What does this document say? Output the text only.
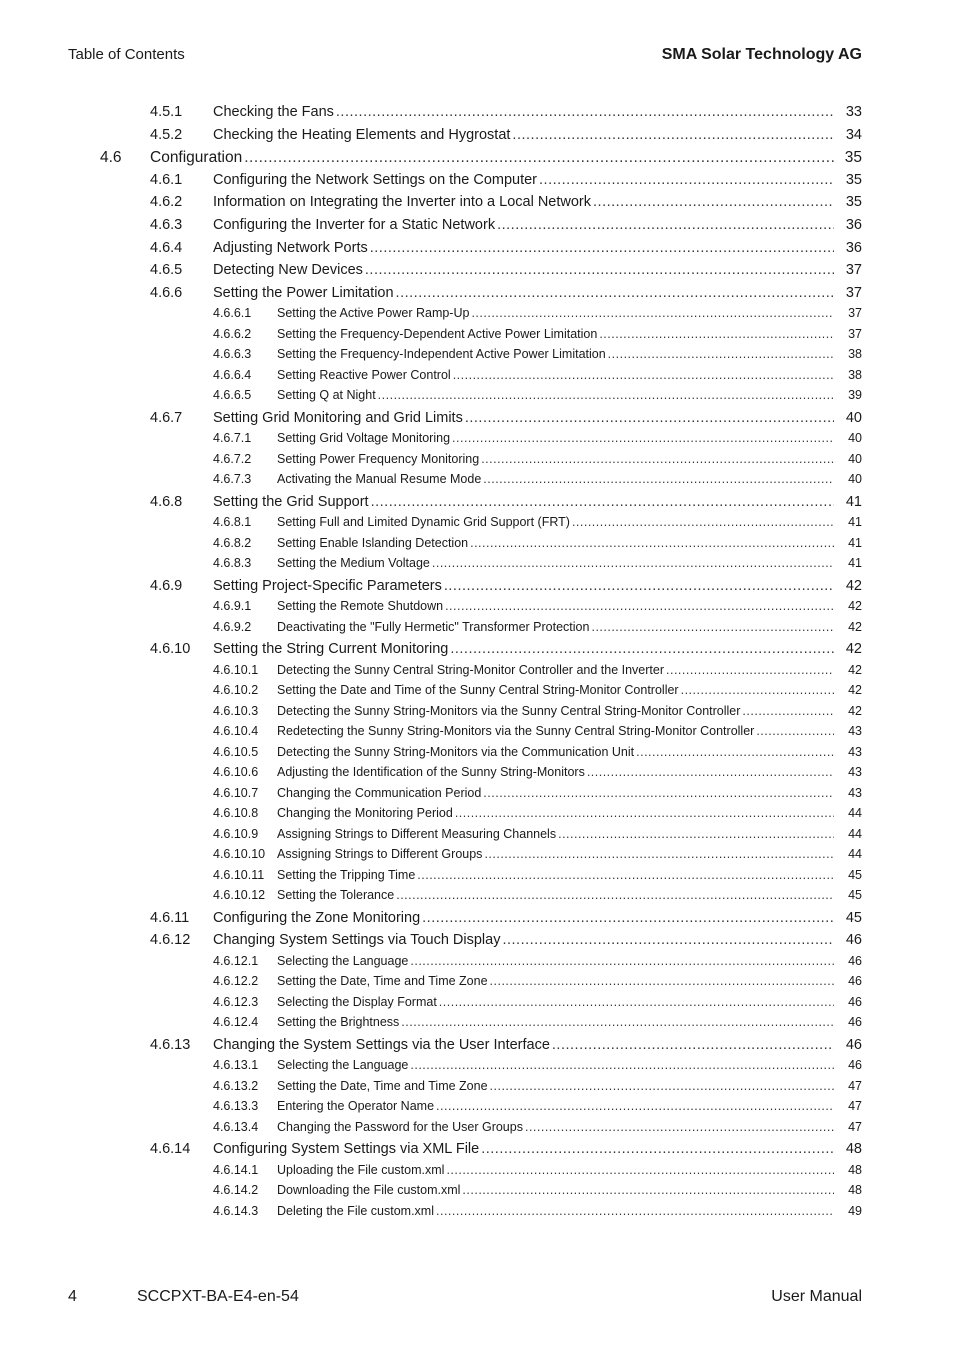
Table of Contents	SMA Solar Technology AG
4.5.1	Checking the Fans .....	33
4.5.2	Checking the Heating Elements and Hygrostat .....	34
4.6	Configuration .....	35
4.6.1	Configuring the Network Settings on the Computer .....	35
4.6.2	Information on Integrating the Inverter into a Local Network .....	35
4.6.3	Configuring the Inverter for a Static Network .....	36
4.6.4	Adjusting Network Ports .....	36
4.6.5	Detecting New Devices .....	37
4.6.6	Setting the Power Limitation .....	37
4.6.6.1	Setting the Active Power Ramp-Up .....	37
4.6.6.2	Setting the Frequency-Dependent Active Power Limitation .....	37
4.6.6.3	Setting the Frequency-Independent Active Power Limitation .....	38
4.6.6.4	Setting Reactive Power Control .....	38
4.6.6.5	Setting Q at Night .....	39
4.6.7	Setting Grid Monitoring and Grid Limits .....	40
4.6.7.1	Setting Grid Voltage Monitoring .....	40
4.6.7.2	Setting Power Frequency Monitoring .....	40
4.6.7.3	Activating the Manual Resume Mode .....	40
4.6.8	Setting the Grid Support .....	41
4.6.8.1	Setting Full and Limited Dynamic Grid Support (FRT) .....	41
4.6.8.2	Setting Enable Islanding Detection .....	41
4.6.8.3	Setting the Medium Voltage .....	41
4.6.9	Setting Project-Specific Parameters .....	42
4.6.9.1	Setting the Remote Shutdown .....	42
4.6.9.2	Deactivating the "Fully Hermetic" Transformer Protection .....	42
4.6.10	Setting the String Current Monitoring .....	42
4.6.10.1	Detecting the Sunny Central String-Monitor Controller and the Inverter .....	42
4.6.10.2	Setting the Date and Time of the Sunny Central String-Monitor Controller .....	42
4.6.10.3	Detecting the Sunny String-Monitors via the Sunny Central String-Monitor Controller .....	42
4.6.10.4	Redetecting the Sunny String-Monitors via the Sunny Central String-Monitor Controller .....	43
4.6.10.5	Detecting the Sunny String-Monitors via the Communication Unit .....	43
4.6.10.6	Adjusting the Identification of the Sunny String-Monitors .....	43
4.6.10.7	Changing the Communication Period .....	43
4.6.10.8	Changing the Monitoring Period .....	44
4.6.10.9	Assigning Strings to Different Measuring Channels .....	44
4.6.10.10 Assigning Strings to Different Groups .....	44
4.6.10.11	Setting the Tripping Time .....	45
4.6.10.12 Setting the Tolerance .....	45
4.6.11	Configuring the Zone Monitoring .....	45
4.6.12	Changing System Settings via Touch Display .....	46
4.6.12.1	Selecting the Language .....	46
4.6.12.2	Setting the Date, Time and Time Zone .....	46
4.6.12.3	Selecting the Display Format .....	46
4.6.12.4	Setting the Brightness .....	46
4.6.13	Changing the System Settings via the User Interface .....	46
4.6.13.1	Selecting the Language .....	46
4.6.13.2	Setting the Date, Time and Time Zone .....	47
4.6.13.3	Entering the Operator Name .....	47
4.6.13.4	Changing the Password for the User Groups .....	47
4.6.14	Configuring System Settings via XML File .....	48
4.6.14.1	Uploading the File custom.xml .....	48
4.6.14.2	Downloading the File custom.xml .....	48
4.6.14.3	Deleting the File custom.xml .....	49
4	SCCPXT-BA-E4-en-54	User Manual
